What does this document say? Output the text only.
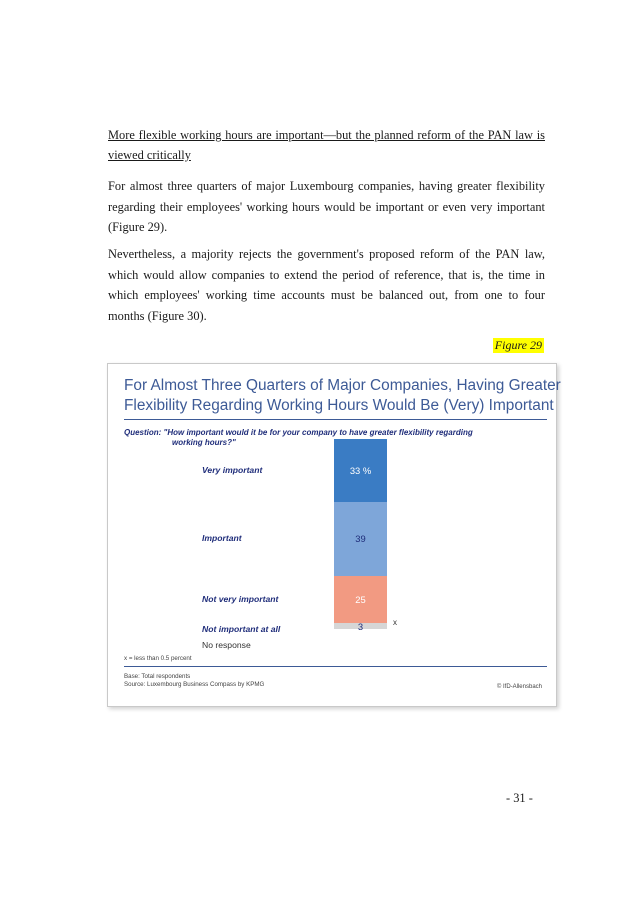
More flexible working hours are important—but the planned reform of the PAN law is viewed critically

For almost three quarters of major Luxembourg companies, having greater flexibility regarding their employees' working hours would be important or even very important (Figure 29).

Nevertheless, a majority rejects the government's proposed reform of the PAN law, which would allow companies to extend the period of reference, that is, the time in which employees' working time accounts must be balanced out, from one to four months (Figure 30).

Figure 29
For Almost Three Quarters of Major Companies, Having Greater
Flexibility Regarding Working Hours Would Be (Very) Important
Question: "How important would it be for your company to have greater flexibility regarding
working hours?"
Very important
Important
Not very important
Not important at all
No response
33 %
39
25
3	x
x = less than 0.5 percent
Base: Total respondents
Source: Luxembourg Business Compass by KPMG	© IfD-Allensbach
- 31 -
